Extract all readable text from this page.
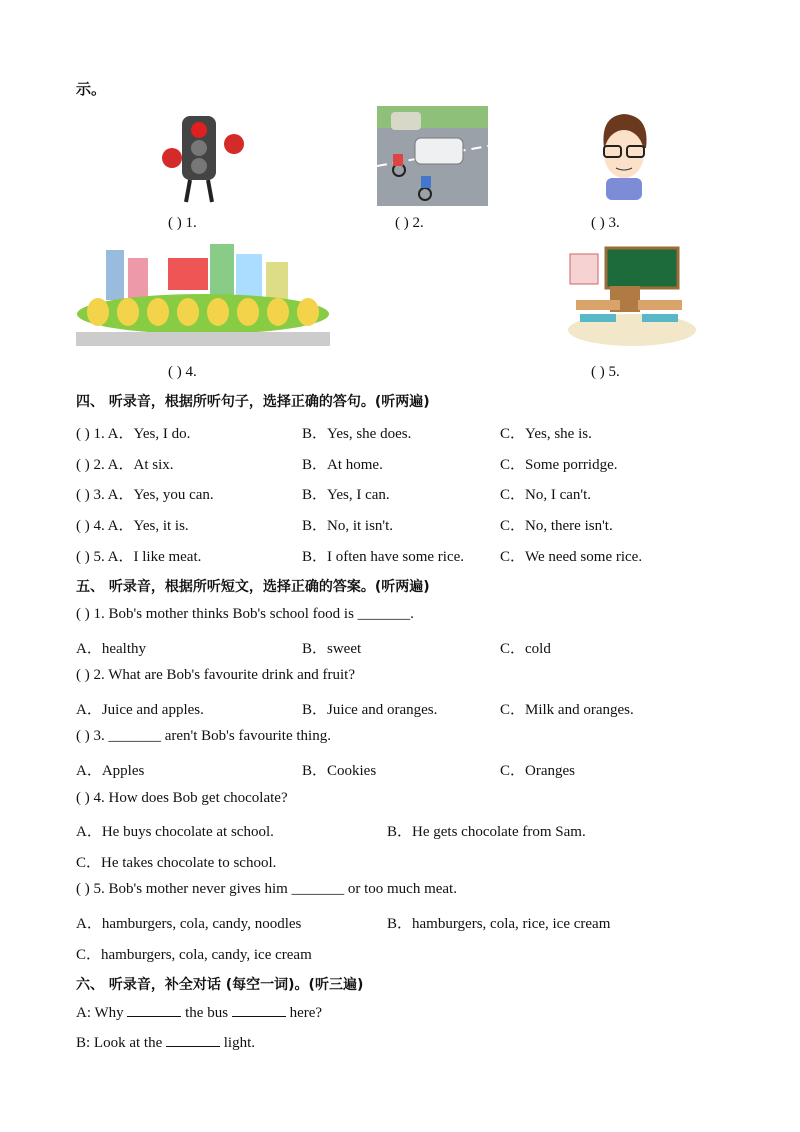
示。
( ) 1.	( ) 2.	( ) 3.
( ) 4.	( ) 5.
四、 听录音，根据所听句子，选择正确的答句。(听两遍)
( ) 1. A．Yes, I do.	B．Yes, she does.	C．Yes, she is.
( ) 2. A．At six.	B．At home.	C．Some porridge.
( ) 3. A．Yes, you can.	B．Yes, I can.	C．No, I can't.
( ) 4. A．Yes, it is.	B．No, it isn't.	C．No, there isn't.
( ) 5. A．I like meat.	B．I often have some rice. C．We need some rice.
五、 听录音，根据所听短文，选择正确的答案。(听两遍)
( ) 1. Bob's mother thinks Bob's school food is _______.
A．healthy	B．sweet	C．cold
( ) 2. What are Bob's favourite drink and fruit?
A．Juice and apples.	B．Juice and oranges.	C．Milk and oranges.
( ) 3. _______ aren't Bob's favourite thing.
A．Apples	B．Cookies	C．Oranges
( ) 4. How does Bob get chocolate?
A．He buys chocolate at school.	B．He gets chocolate from Sam.
C．He takes chocolate to school.
( ) 5. Bob's mother never gives him _______ or too much meat.
A．hamburgers, cola, candy, noodles	B．hamburgers, cola, rice, ice cream
C．hamburgers, cola, candy, ice cream
六、 听录音，补全对话 (每空一词)。(听三遍)
A: Why	the bus	here?
B: Look at the	light.
